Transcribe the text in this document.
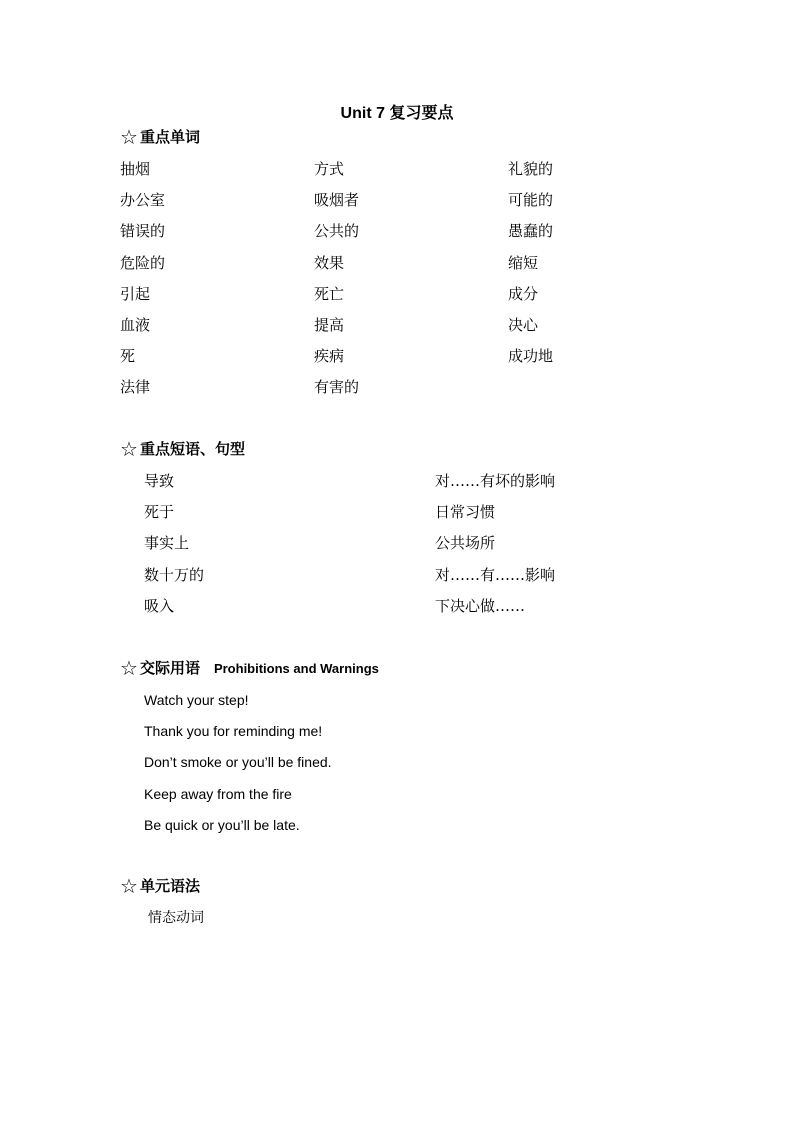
Unit 7 复习要点
☆ 重点单词
抽烟	方式	礼貌的
办公室	吸烟者	可能的
错误的	公共的	愚蠢的
危险的	效果	缩短
引起	死亡	成分
血液	提高	决心
死	疾病	成功地
法律	有害的
☆ 重点短语、句型
导致	对……有坏的影响
死于	日常习惯
事实上	公共场所
数十万的	对……有……影响
吸入	下决心做……
☆ 交际用语 Prohibitions and Warnings
Watch your step!
Thank you for reminding me!
Don’t smoke or you’ll be fined.
Keep away from the fire
Be quick or you’ll be late.
☆ 单元语法
情态动词
